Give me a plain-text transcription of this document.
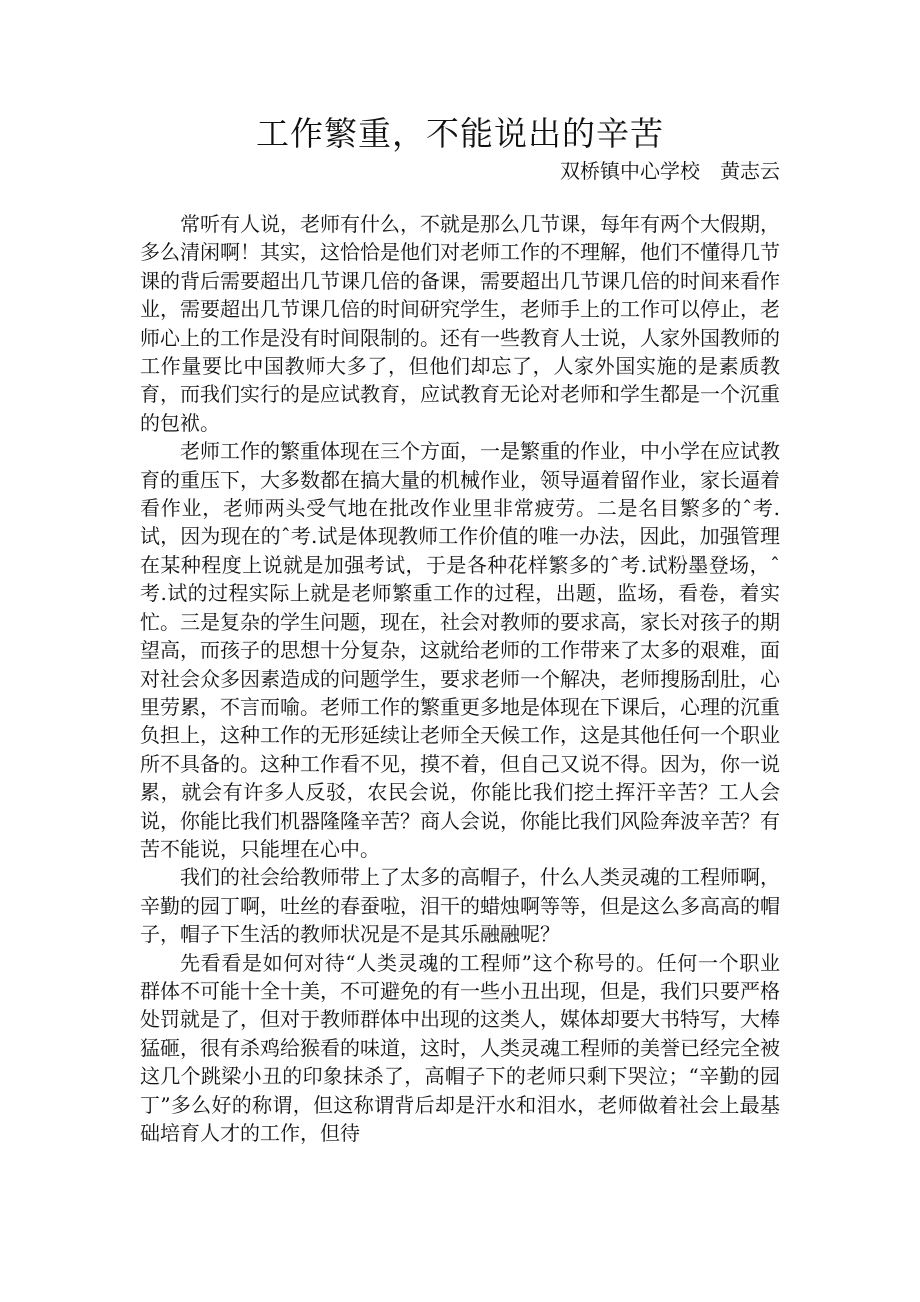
工作繁重，不能说出的辛苦
双桥镇中心学校　黄志云

常听有人说，老师有什么，不就是那么几节课，每年有两个大假期，多么清闲啊！其实，这恰恰是他们对老师工作的不理解，他们不懂得几节课的背后需要超出几节课几倍的备课，需要超出几节课几倍的时间来看作业，需要超出几节课几倍的时间研究学生，老师手上的工作可以停止，老师心上的工作是没有时间限制的。还有一些教育人士说，人家外国教师的工作量要比中国教师大多了，但他们却忘了，人家外国实施的是素质教育，而我们实行的是应试教育，应试教育无论对老师和学生都是一个沉重的包袱。

老师工作的繁重体现在三个方面，一是繁重的作业，中小学在应试教育的重压下，大多数都在搞大量的机械作业，领导逼着留作业，家长逼着看作业，老师两头受气地在批改作业里非常疲劳。二是名目繁多的ˆ考.试，因为现在的ˆ考.试是体现教师工作价值的唯一办法，因此，加强管理在某种程度上说就是加强考试，于是各种花样繁多的ˆ考.试粉墨登场，ˆ考.试的过程实际上就是老师繁重工作的过程，出题，监场，看卷，着实忙。三是复杂的学生问题，现在，社会对教师的要求高，家长对孩子的期望高，而孩子的思想十分复杂，这就给老师的工作带来了太多的艰难，面对社会众多因素造成的问题学生，要求老师一个解决，老师搜肠刮肚，心里劳累，不言而喻。老师工作的繁重更多地是体现在下课后，心理的沉重负担上，这种工作的无形延续让老师全天候工作，这是其他任何一个职业所不具备的。这种工作看不见，摸不着，但自己又说不得。因为，你一说累，就会有许多人反驳，农民会说，你能比我们挖土挥汗辛苦？工人会说，你能比我们机器隆隆辛苦？商人会说，你能比我们风险奔波辛苦？有苦不能说，只能埋在心中。

我们的社会给教师带上了太多的高帽子，什么人类灵魂的工程师啊，辛勤的园丁啊，吐丝的春蚕啦，泪干的蜡烛啊等等，但是这么多高高的帽子，帽子下生活的教师状况是不是其乐融融呢？

先看看是如何对待“人类灵魂的工程师”这个称号的。任何一个职业群体不可能十全十美，不可避免的有一些小丑出现，但是，我们只要严格处罚就是了，但对于教师群体中出现的这类人，媒体却要大书特写，大棒猛砸，很有杀鸡给猴看的味道，这时，人类灵魂工程师的美誉已经完全被这几个跳梁小丑的印象抹杀了，高帽子下的老师只剩下哭泣；“辛勤的园丁”多么好的称谓，但这称谓背后却是汗水和泪水，老师做着社会上最基础培育人才的工作，但待
